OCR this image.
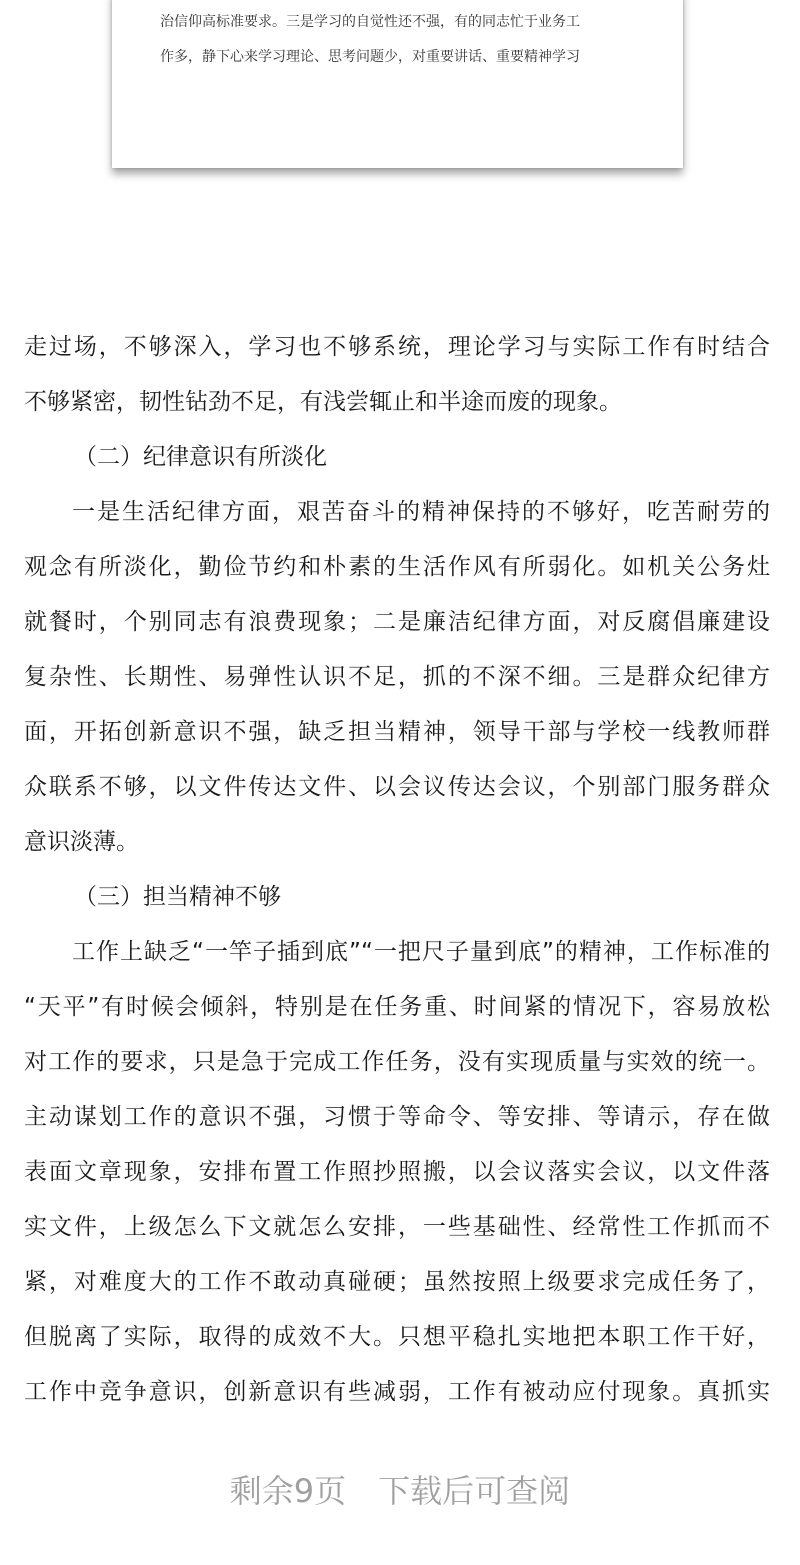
治信仰高标准要求。三是学习的自觉性还不强，有的同志忙于业务工
作多，静下心来学习理论、思考问题少，对重要讲话、重要精神学习
走过场，不够深入，学习也不够系统，理论学习与实际工作有时结合
不够紧密，韧性钻劲不足，有浅尝辄止和半途而废的现象。
（二）纪律意识有所淡化
一是生活纪律方面，艰苦奋斗的精神保持的不够好，吃苦耐劳的
观念有所淡化，勤俭节约和朴素的生活作风有所弱化。如机关公务灶
就餐时，个别同志有浪费现象；二是廉洁纪律方面，对反腐倡廉建设
复杂性、长期性、易弹性认识不足，抓的不深不细。三是群众纪律方
面，开拓创新意识不强，缺乏担当精神，领导干部与学校一线教师群
众联系不够，以文件传达文件、以会议传达会议，个别部门服务群众
意识淡薄。
（三）担当精神不够
工作上缺乏“一竿子插到底”“一把尺子量到底”的精神，工作标准的
“天平”有时候会倾斜，特别是在任务重、时间紧的情况下，容易放松
对工作的要求，只是急于完成工作任务，没有实现质量与实效的统一。
主动谋划工作的意识不强，习惯于等命令、等安排、等请示，存在做
表面文章现象，安排布置工作照抄照搬，以会议落实会议，以文件落
实文件，上级怎么下文就怎么安排，一些基础性、经常性工作抓而不
紧，对难度大的工作不敢动真碰硬；虽然按照上级要求完成任务了，
但脱离了实际，取得的成效不大。只想平稳扎实地把本职工作干好，
工作中竞争意识，创新意识有些减弱，工作有被动应付现象。真抓实
剩余9页 下载后可查阅
